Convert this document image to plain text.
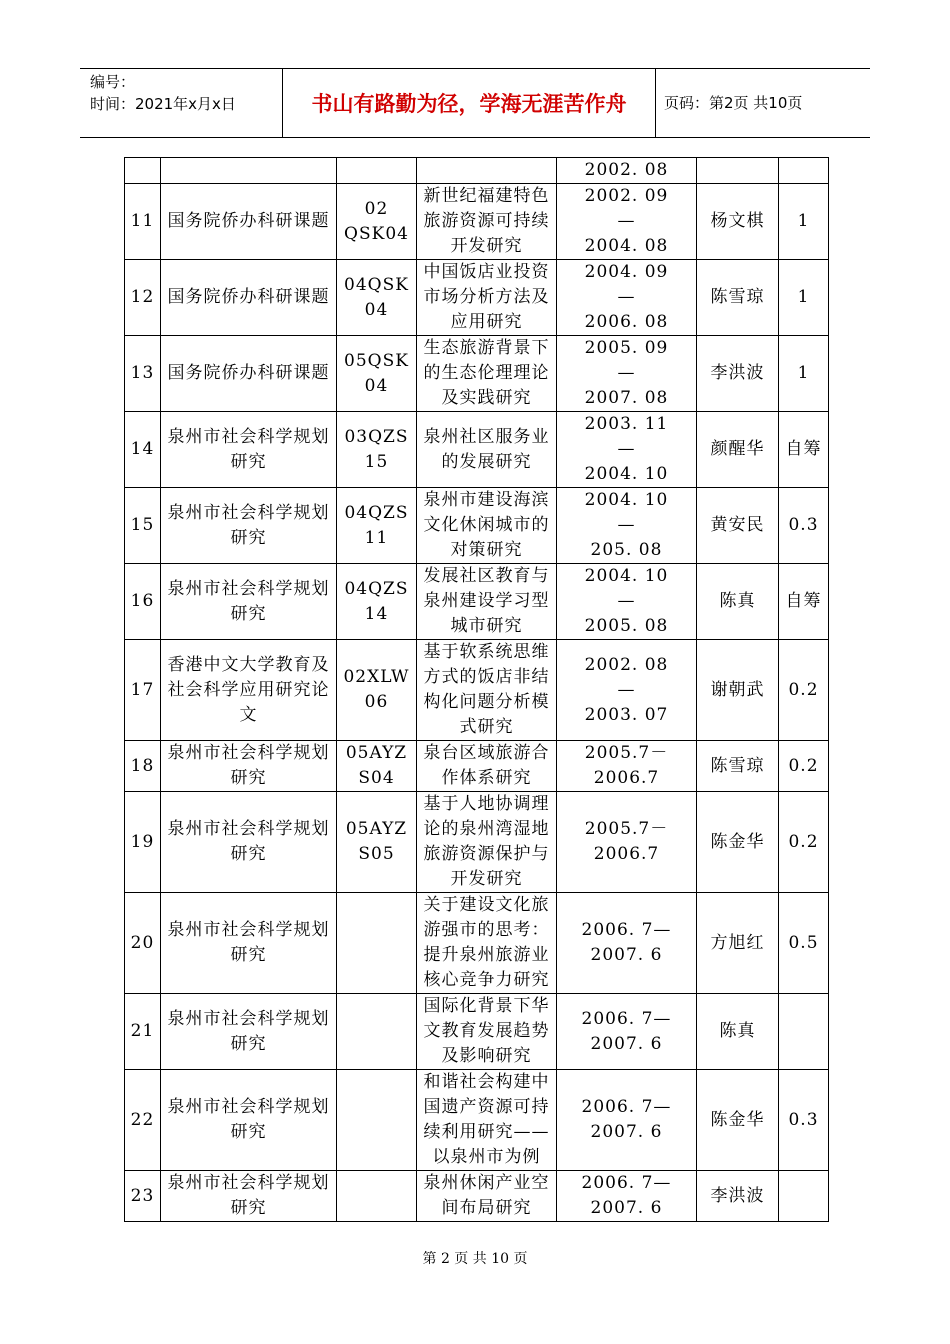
编号：
时间：2021年x月x日	书山有路勤为径，学海无涯苦作舟	页码：第2页 共10页
				2002. 08		
11	国务院侨办科研课题	02
QSK04	新世纪福建特色旅游资源可持续开发研究	2002. 09
—
2004. 08	杨文棋	1
12	国务院侨办科研课题	04QSK04	中国饭店业投资市场分析方法及应用研究	2004. 09
—
2006. 08	陈雪琼	1
13	国务院侨办科研课题	05QSK04	生态旅游背景下的生态伦理理论及实践研究	2005. 09
—
2007. 08	李洪波	1
14	泉州市社会科学规划研究	03QZS15	泉州社区服务业的发展研究	2003. 11
—
2004. 10	颜醒华	自筹
15	泉州市社会科学规划研究	04QZS11	泉州市建设海滨文化休闲城市的对策研究	2004. 10
—
205. 08	黄安民	0.3
16	泉州市社会科学规划研究	04QZS14	发展社区教育与泉州建设学习型城市研究	2004. 10
—
2005. 08	陈真	自筹
17	香港中文大学教育及社会科学应用研究论文	02XLW06	基于软系统思维方式的饭店非结构化问题分析模式研究	2002. 08
—
2003. 07	谢朝武	0.2
18	泉州市社会科学规划研究	05AYZS04	泉台区域旅游合作体系研究	2005.7－
2006.7	陈雪琼	0.2
19	泉州市社会科学规划研究	05AYZS05	基于人地协调理论的泉州湾湿地旅游资源保护与开发研究	2005.7－
2006.7	陈金华	0.2
20	泉州市社会科学规划研究		关于建设文化旅游强市的思考：提升泉州旅游业核心竞争力研究	2006. 7—
2007. 6	方旭红	0.5
21	泉州市社会科学规划研究		国际化背景下华文教育发展趋势及影响研究	2006. 7—
2007. 6	陈真	
22	泉州市社会科学规划研究		和谐社会构建中国遗产资源可持续利用研究——以泉州市为例	2006. 7—
2007. 6	陈金华	0.3
23	泉州市社会科学规划研究		泉州休闲产业空间布局研究	2006. 7—
2007. 6	李洪波	
第 2 页 共 10 页
